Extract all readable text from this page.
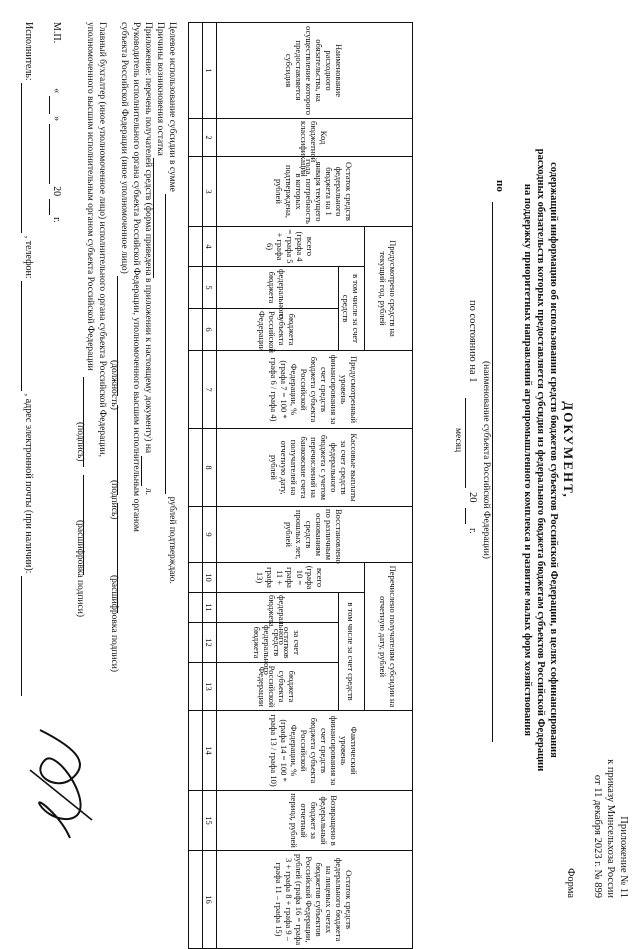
Приложение № 11
к приказу Минсельхоза России
от 11 декабря 2023 г. № 899
Форма
ДОКУМЕНТ,
содержащий информацию об использовании средств бюджетов субъектов Российской Федерации, в целях софинансирования
расходных обязательств которых предоставляется субсидия из федерального бюджета бюджетам субъектов Российской Федерации
на поддержку приоритетных направлений агропромышленного комплекса и развитие малых форм хозяйствования
по
(наименование субъекта Российской Федерации)
по состоянию на 1
20
г.
месяц
Наименование расходного обязательства, на осуществление которого предоставляется субсидия	Код бюджетной классификации	Остаток средств федерального бюджета на 1 января текущего года, потребность в которых подтверждена, рублей	Предусмотрено средств на текущий год, рублей			Предусмотренный уровень финансирования за счет средств бюджета субъекта Российской Федерации, % (графа 7 = 100 * графа 6 / графа 4)	Кассовые выплаты за счет средств федерального бюджета с учетом перечислений на банковские счета получателей на отчетную дату, рублей	Восстановлено по различным основаниям средств прошлых лет, рублей	Перечислено получателям субсидии на отчетную дату, рублей				Фактический уровень финансирования за счет средств бюджета субъекта Российской Федерации, % (графа 14 = 100 * графа 13 / графа 10)	Возвращено в федеральный бюджет за отчетный период, рублей	Остаток средств федерального бюджета на лицевых счетах бюджетов субъектов Российской Федерации, рублей (графа 16 = графа 3 + графа 8 + графа 9 – графа 11 – графа 15)
			всего (графа 4 = графа 5 + графа 6)	в том числе за счет средств					всего (графа 10 = графа 11 + графа 13)	в том числе за счет средств					
				федерального бюджета	бюджета субъекта Российской Федерации					федерального бюджета	за счет остатков средств федерального бюджета	бюджета субъекта Российской Федерации			
1	2	3	4	5	6	7	8	9	10	11	12	13	14	15	16

Целевое использование субсидии в сумме   рублей подтверждаю.
Причины возникновения остатка
Приложение: перечень получателей средств (форма приведена в приложении к настоящему документу) на   л.
Руководитель исполнительного органа субъекта Российской Федерации, уполномоченного высшим исполнительным органом
субъекта Российской Федерации (иное уполномоченное лицо)
(должность)
(подпись)
(расшифровка подписи)
Главный бухгалтер (иное уполномоченное лицо) исполнительного органа субъекта Российской Федерации,
уполномоченного высшим исполнительным органом субъекта Российской Федерации
(подпись)
(расшифровка подписи)
М.П.  «   »   20   г.
Исполнитель:   , телефон:   , адрес электронной почты (при наличии):
